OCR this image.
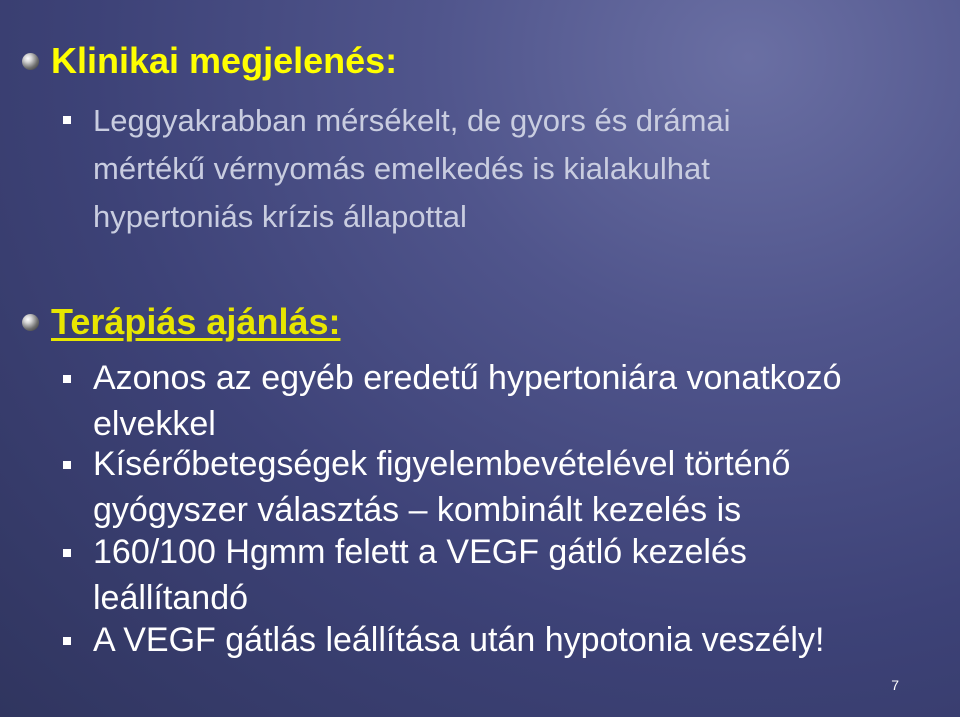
Klinikai megjelenés:
Leggyakrabban mérsékelt, de gyors és drámai
mértékű vérnyomás emelkedés is kialakulhat
hypertoniás krízis állapottal
Terápiás ajánlás:
Azonos az egyéb eredetű hypertoniára vonatkozó
elvekkel
Kísérőbetegségek figyelembevételével történő
gyógyszer választás – kombinált kezelés is
160/100 Hgmm felett a VEGF gátló kezelés
leállítandó
A VEGF gátlás leállítása után hypotonia veszély!
7
